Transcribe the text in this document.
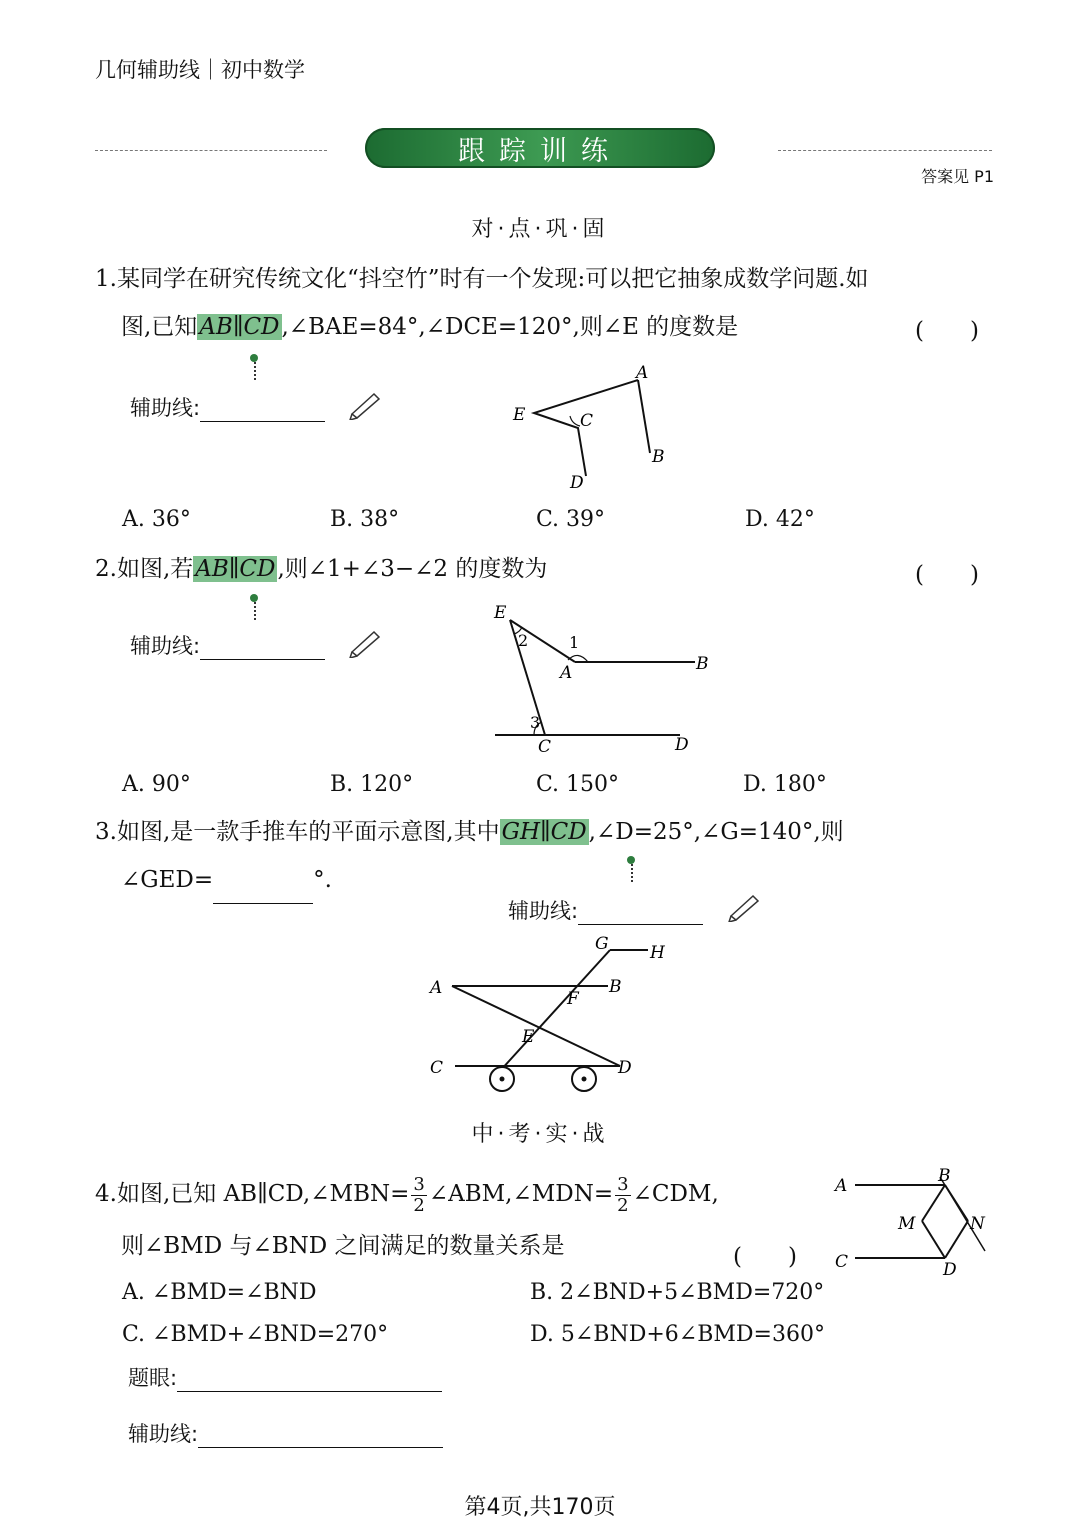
几何辅助线｜初中数学
跟踪训练
答案见 P1
对·点·巩·固
1.某同学在研究传统文化“抖空竹”时有一个发现:可以把它抽象成数学问题.如
图,已知AB∥CD,∠BAE=84°,∠DCE=120°,则∠E 的度数是	(　　)
辅助线:
A
B
C
D
E
A. 36°	B. 38°	C. 39°	D. 42°
2.如图,若AB∥CD,则∠1+∠3−∠2 的度数为	(　　)
辅助线:
E
A	B
C	D
1
2
3
A. 90°	B. 120°	C. 150°	D. 180°
3.如图,是一款手推车的平面示意图,其中GH∥CD,∠D=25°,∠G=140°,则
∠GED=	°.
辅助线:
G H
A	B
F
E
C	D
中·考·实·战
4.如图,已知 AB∥CD,∠MBN= $\frac{3}{2}$ ∠ABM,∠MDN= $\frac{3}{2}$ ∠CDM,
则∠BMD 与∠BND 之间满足的数量关系是	(　　)
A	B
C	D
M	N
A. ∠BMD=∠BND	B. 2∠BND+5∠BMD=720°
C. ∠BMD+∠BND=270°	D. 5∠BND+6∠BMD=360°
题眼:
辅助线:
第4页,共170页
